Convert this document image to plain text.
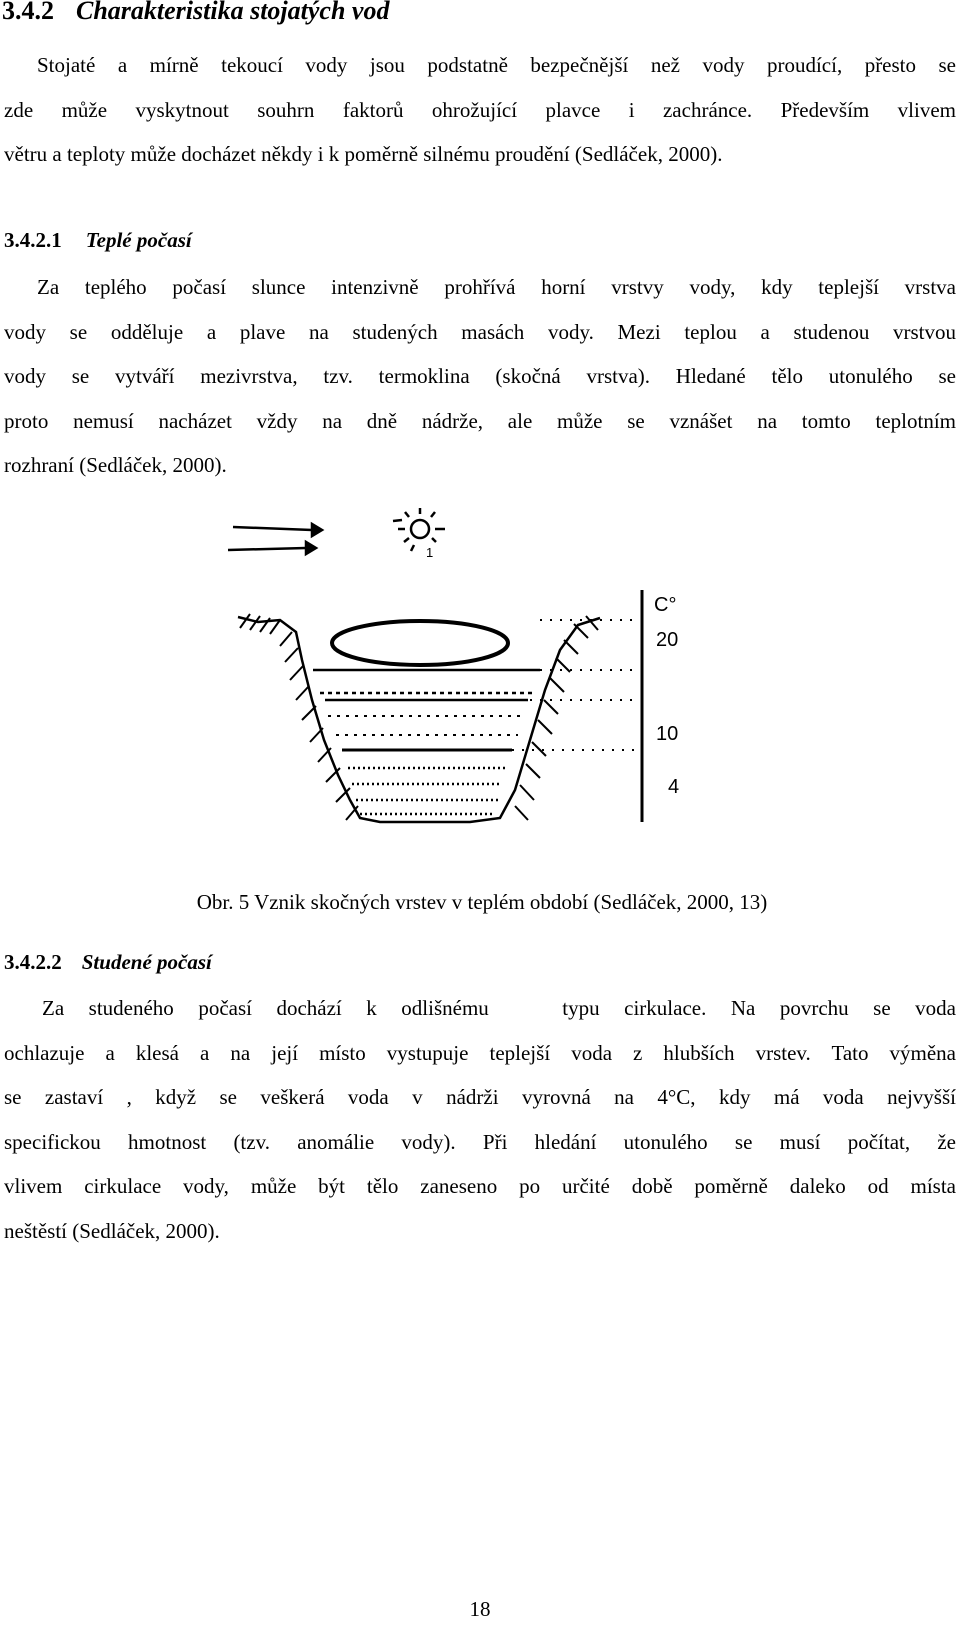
3.4.2 Charakteristika stojatých vod
Stojaté a mírně tekoucí vody jsou podstatně bezpečnější než vody proudící, přesto se
zde může vyskytnout souhrn faktorů ohrožující plavce i zachránce. Především vlivem
větru a teploty může docházet někdy i k poměrně silnému proudění (Sedláček, 2000).
3.4.2.1 Teplé počasí
Za teplého počasí slunce intenzivně prohřívá horní vrstvy vody, kdy teplejší vrstva
vody se odděluje a plave na studených masách vody. Mezi teplou a studenou vrstvou
vody se vytváří mezivrstva, tzv. termoklina (skočná vrstva). Hledané tělo utonulého se
proto nemusí nacházet vždy na dně nádrže, ale může se vznášet na tomto teplotním
rozhraní (Sedláček, 2000).
1
C°
20
10
4
Obr. 5 Vznik skočných vrstev v teplém období (Sedláček, 2000, 13)
3.4.2.2 Studené počasí
Za studeného počasí dochází k odlišnému   typu cirkulace. Na povrchu se voda
ochlazuje a klesá a na její místo vystupuje teplejší voda z hlubších vrstev. Tato výměna
se zastaví , když se veškerá voda v nádrži vyrovná na 4°C, kdy má voda nejvyšší
specifickou hmotnost (tzv. anomálie vody). Při hledání utonulého se musí počítat, že
vlivem cirkulace vody, může být tělo zaneseno po určité době poměrně daleko od místa
neštěstí (Sedláček, 2000).
18
